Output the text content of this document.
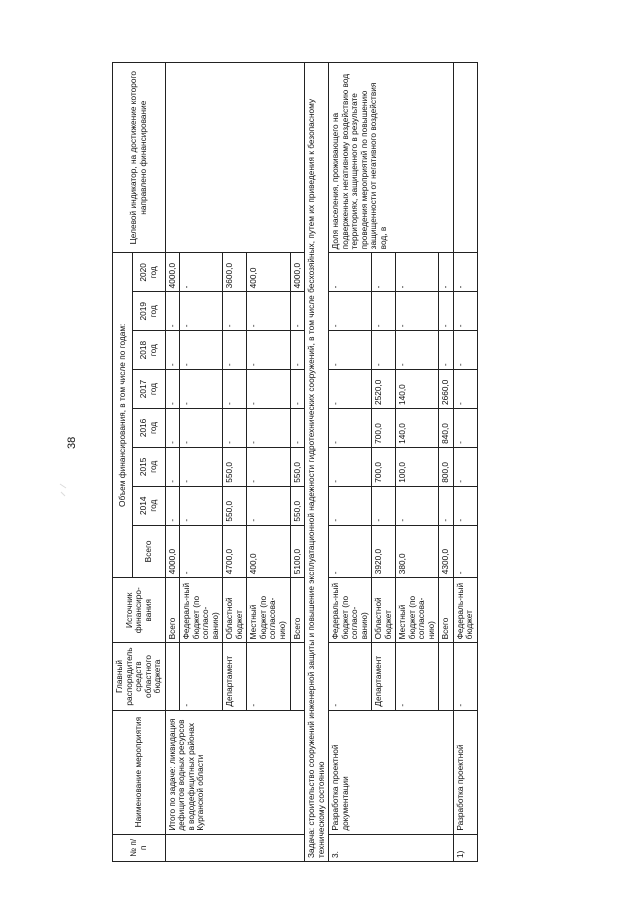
38
№ п/п	Наименование мероприятия	Главный распорядитель средств областного бюджета	Источник финансиро-вания	Объем финансирования, в том числе по годам:								Целевой индикатор, на достижение которого направлено финансирование
				Всего	2014 год	2015 год	2016 год	2017 год	2018 год	2019 год	2020 год	
	Итого по задаче: ликвидация дефицитов водных ресурсов в вододефицитных районах Курганской области		Всего	4000,0	-	-	-	-	-	-	4000,0	
		-	Федераль-ный бюджет (по согласо-ванию)	-	-	-	-	-	-	-	-	
		Департамент	Областной бюджет	4700,0	550,0	550,0	-	-	-	-	3600,0	
		-	Местный бюджет (по согласова-нию)	400,0	-	-	-	-	-	-	400,0	
			Всего	5100,0	550,0	550,0	-	-	-	-	4000,0	
Задача: строительство сооружений инженерной защиты и повышение эксплуатационной надежности гидротехнических сооружений, в том числе бесхозяйных, путем их приведения к безопасному техническому состоянию												
3.	Разработка проектной документации	-	Федераль-ный бюджет (по согласо-ванию)	-	-	-	-	-	-	-	-	Доля населения, проживающего на подверженных негативному воздействию вод территориях, защищенного в результате проведения мероприятий по повышению защищенности от негативного воздействия вод, в
		Департамент	Областной бюджет	3920,0	-	700,0	700,0	2520,0	-	-	-	
		-	Местный бюджет (по согласова-нию)	380,0	-	100,0	140,0	140,0	-	-	-	
			Всего	4300,0	-	800,0	840,0	2660,0	-	-	-	
1)	Разработка проектной	-	Федераль-ный бюджет	-	-	-	-	-	-	-	-	
